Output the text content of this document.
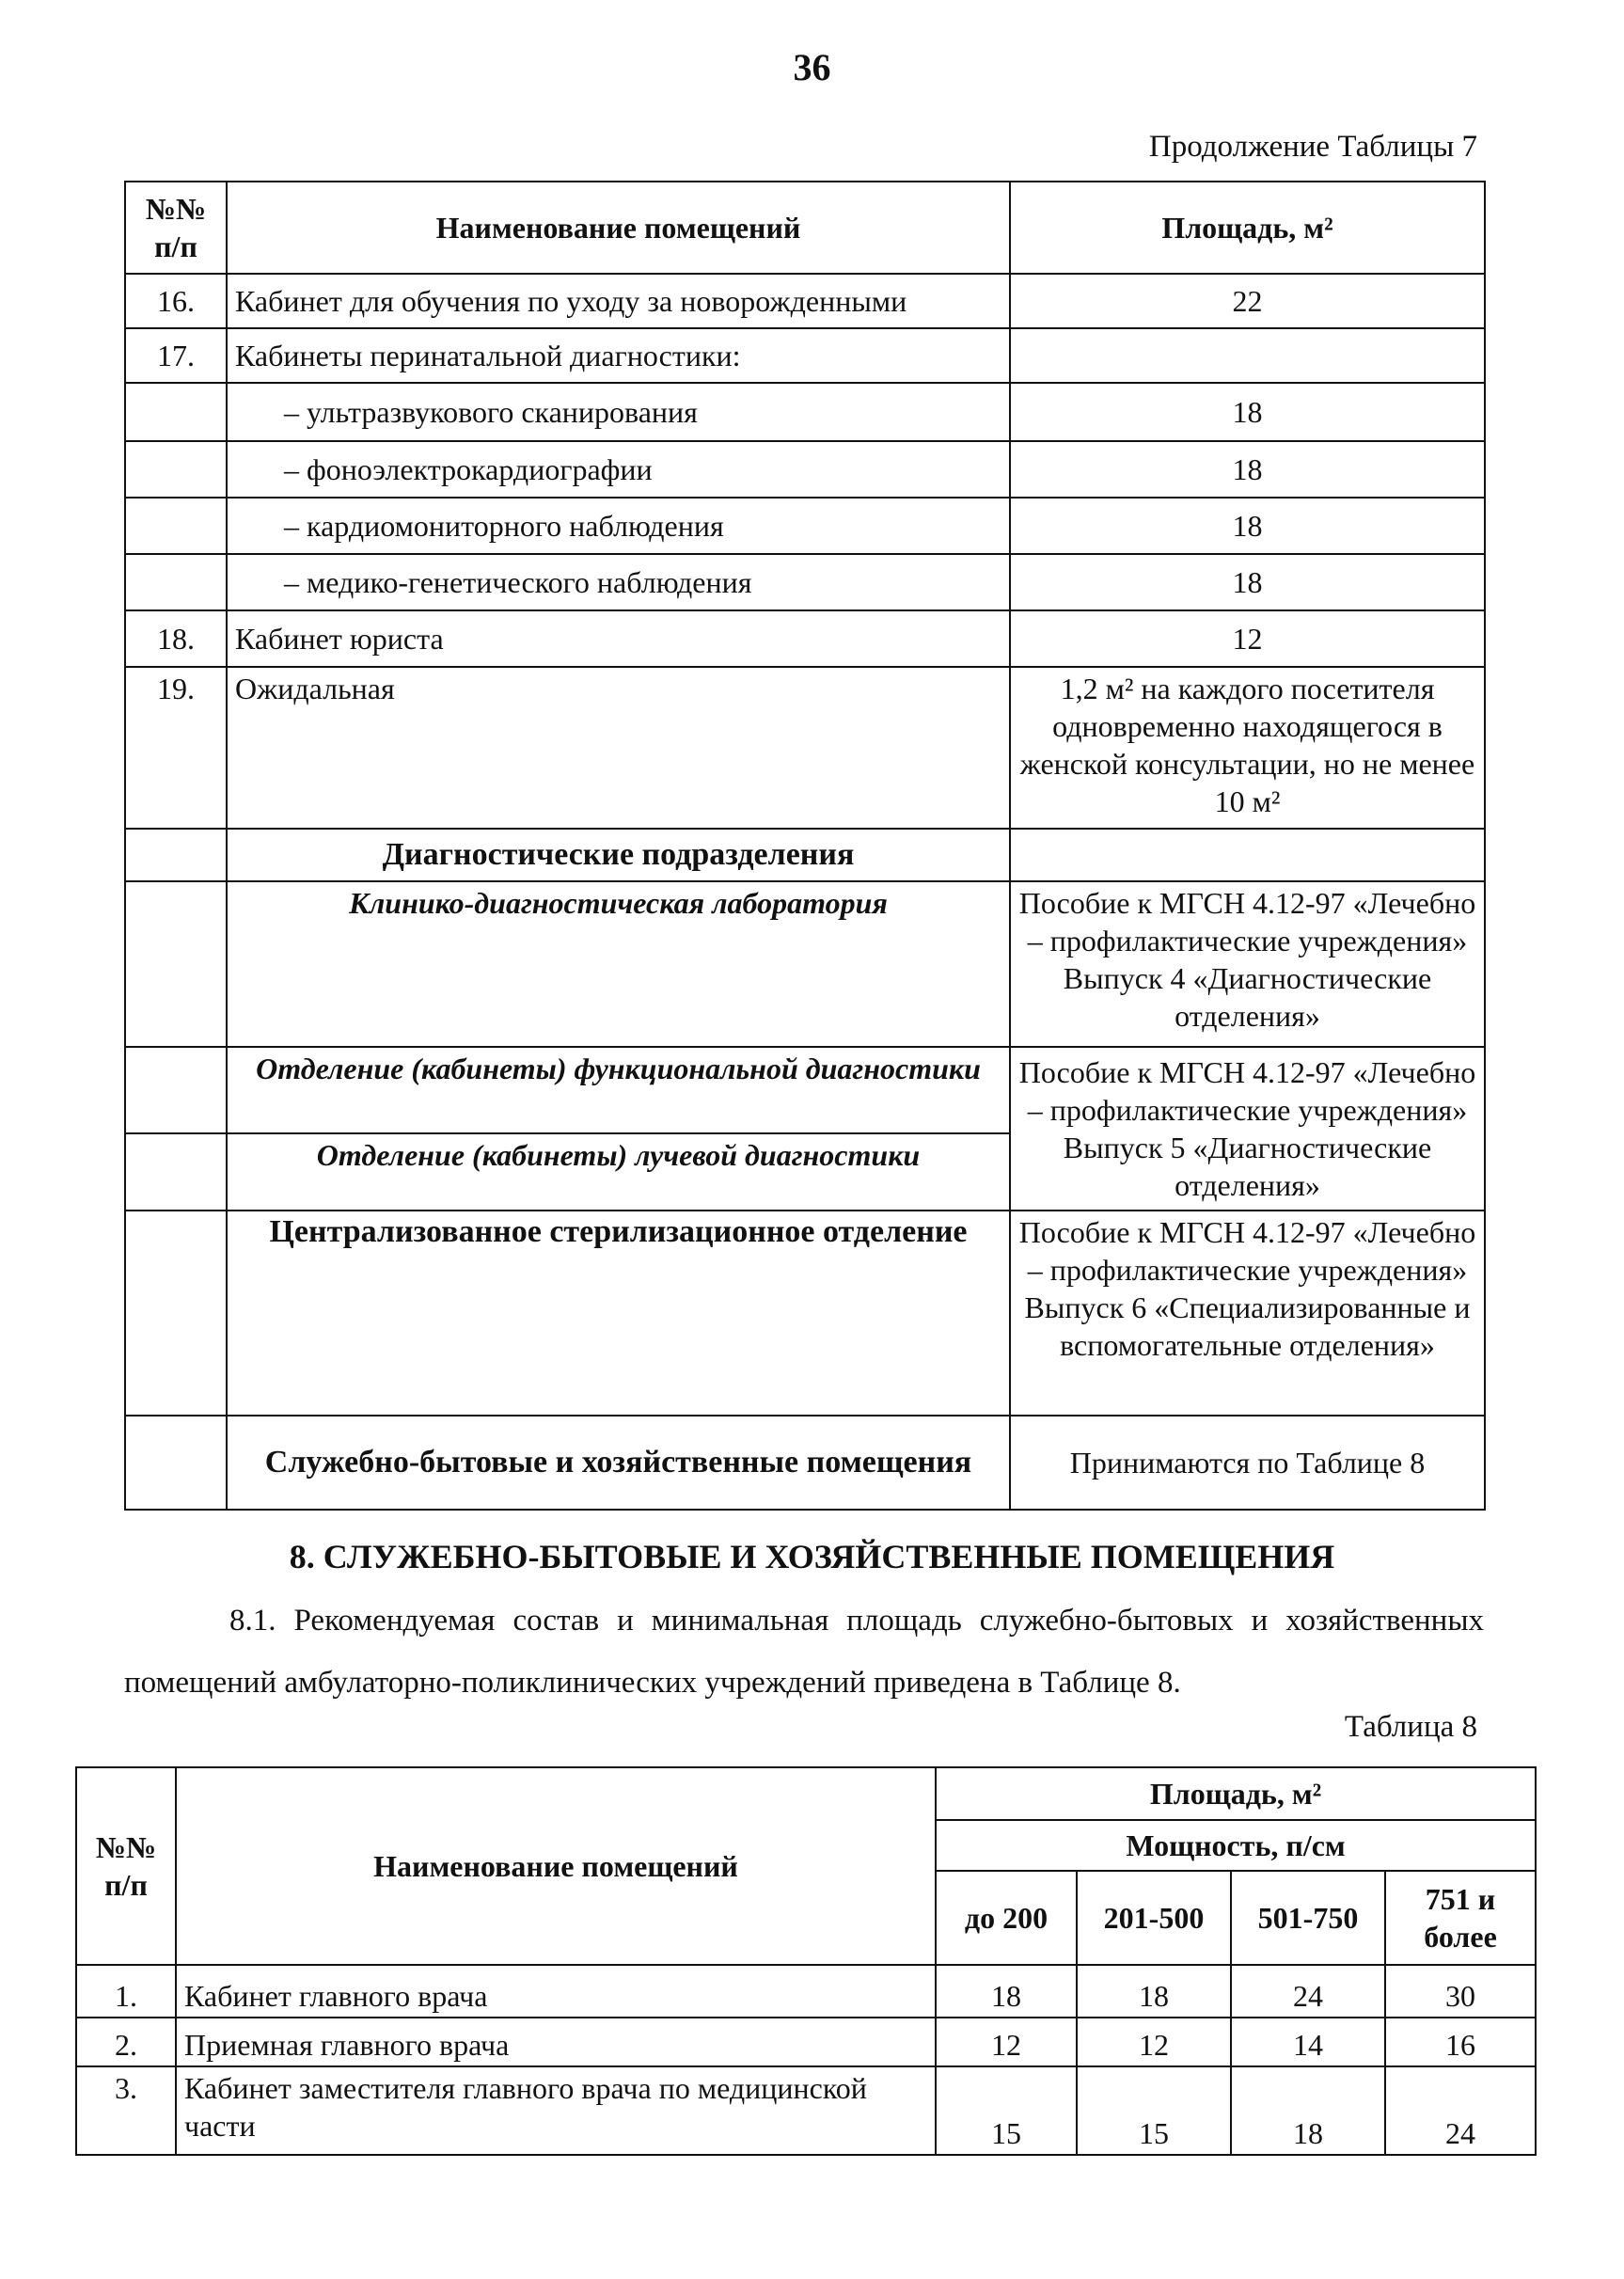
36
Продолжение Таблицы 7
№№ п/п	Наименование помещений	Площадь, м²
16.	Кабинет для обучения по уходу за новорожденными	22
17.	Кабинеты перинатальной диагностики:	
	– ультразвукового сканирования	18
	– фоноэлектрокардиографии	18
	– кардиомониторного наблюдения	18
	– медико-генетического наблюдения	18
18.	Кабинет юриста	12
19.	Ожидальная	1,2 м² на каждого посетителя одновременно находящегося в женской консультации, но не менее 10 м²
	Диагностические подразделения	
	Клинико-диагностическая лаборатория	Пособие к МГСН 4.12-97 «Лечебно – профилактические учреждения» Выпуск 4 «Диагностические отделения»
	Отделение (кабинеты) функциональной диагностики	Пособие к МГСН 4.12-97 «Лечебно – профилактические учреждения» Выпуск 5 «Диагностические отделения»
	Отделение (кабинеты) лучевой диагностики	
	Централизованное стерилизационное отделение	Пособие к МГСН 4.12-97 «Лечебно – профилактические учреждения» Выпуск 6 «Специализированные и вспомогательные отделения»
	Служебно-бытовые и хозяйственные помещения	Принимаются по Таблице 8
8. СЛУЖЕБНО-БЫТОВЫЕ И ХОЗЯЙСТВЕННЫЕ ПОМЕЩЕНИЯ
8.1. Рекомендуемая состав и минимальная площадь служебно-бытовых и хозяйственных помещений амбулаторно-поликлинических учреждений приведена в Таблице 8.
Таблица 8
№№ п/п	Наименование помещений	Площадь, м²			
		Мощность, п/см			
		до 200	201-500	501-750	751 и более
1.	Кабинет главного врача	18	18	24	30
2.	Приемная главного врача	12	12	14	16
3.	Кабинет заместителя главного врача по медицинской части	15	15	18	24
